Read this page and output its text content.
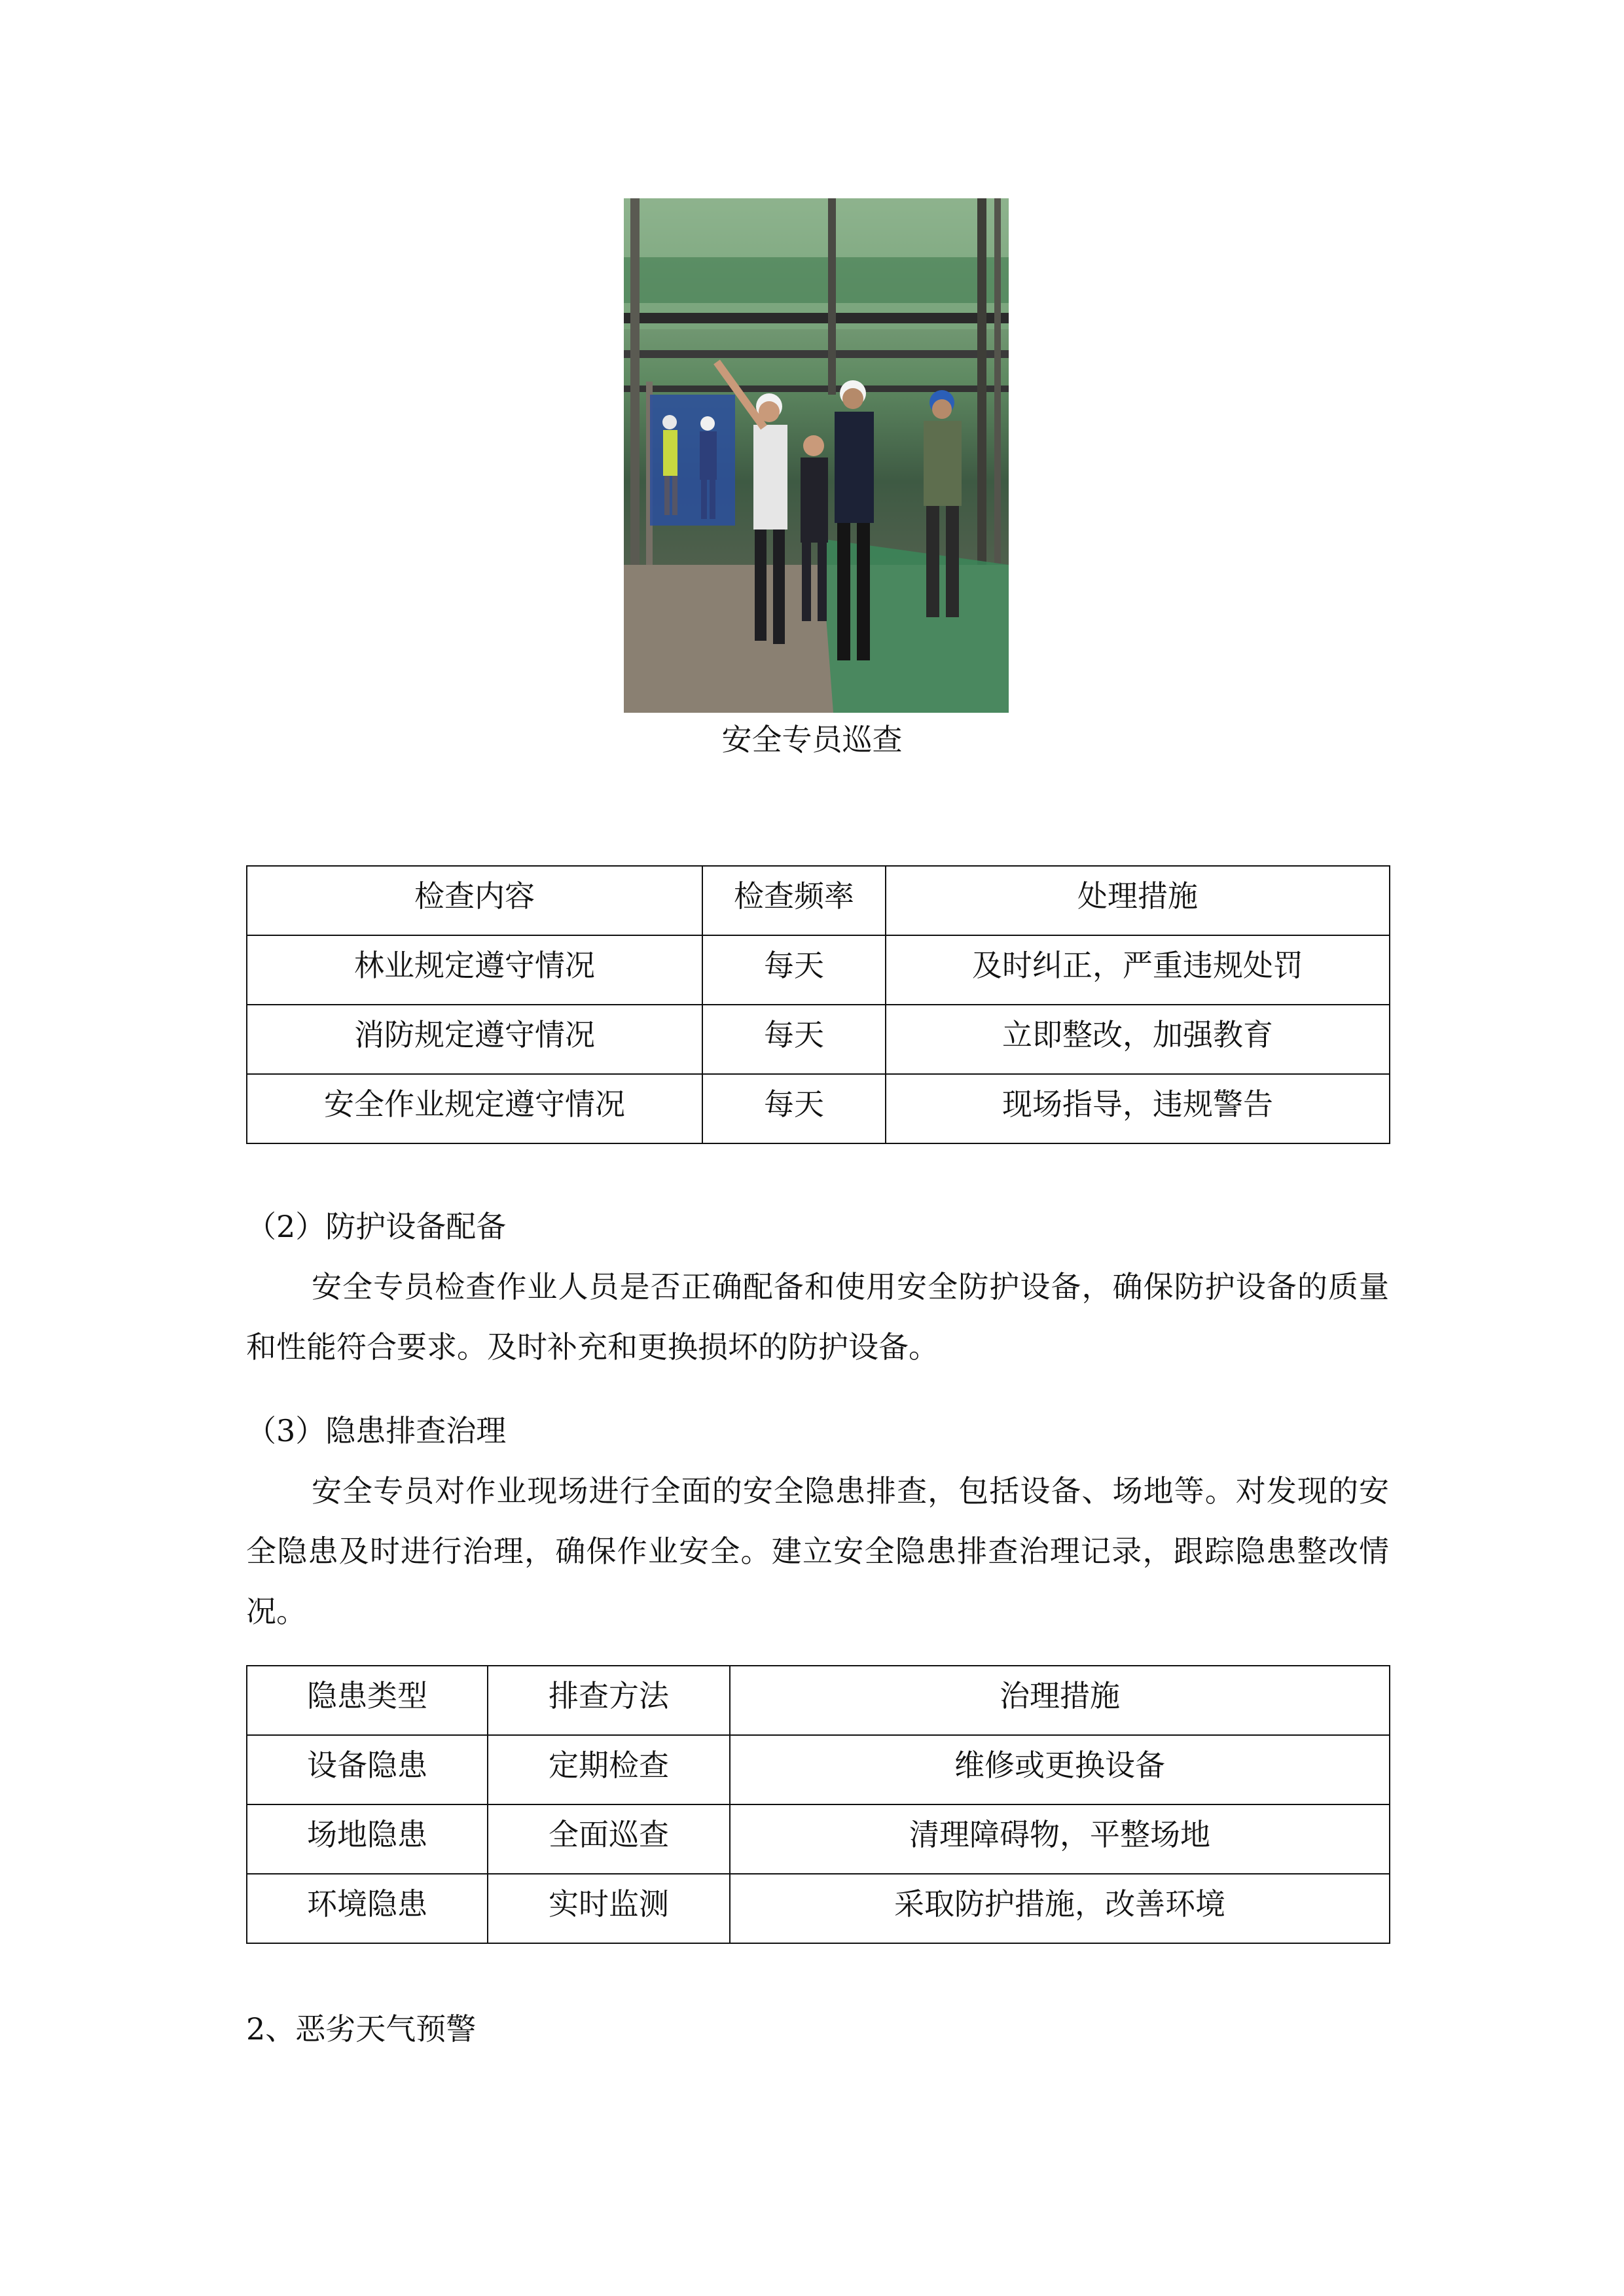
安全专员巡查
检查内容	检查频率	处理措施
林业规定遵守情况	每天	及时纠正，严重违规处罚
消防规定遵守情况	每天	立即整改，加强教育
安全作业规定遵守情况	每天	现场指导，违规警告
（2）防护设备配备
安全专员检查作业人员是否正确配备和使用安全防护设备，确保防护设备的质量和性能符合要求。及时补充和更换损坏的防护设备。
（3）隐患排查治理
安全专员对作业现场进行全面的安全隐患排查，包括设备、场地等。对发现的安全隐患及时进行治理，确保作业安全。建立安全隐患排查治理记录，跟踪隐患整改情况。
隐患类型	排查方法	治理措施
设备隐患	定期检查	维修或更换设备
场地隐患	全面巡查	清理障碍物，平整场地
环境隐患	实时监测	采取防护措施，改善环境
2、恶劣天气预警
